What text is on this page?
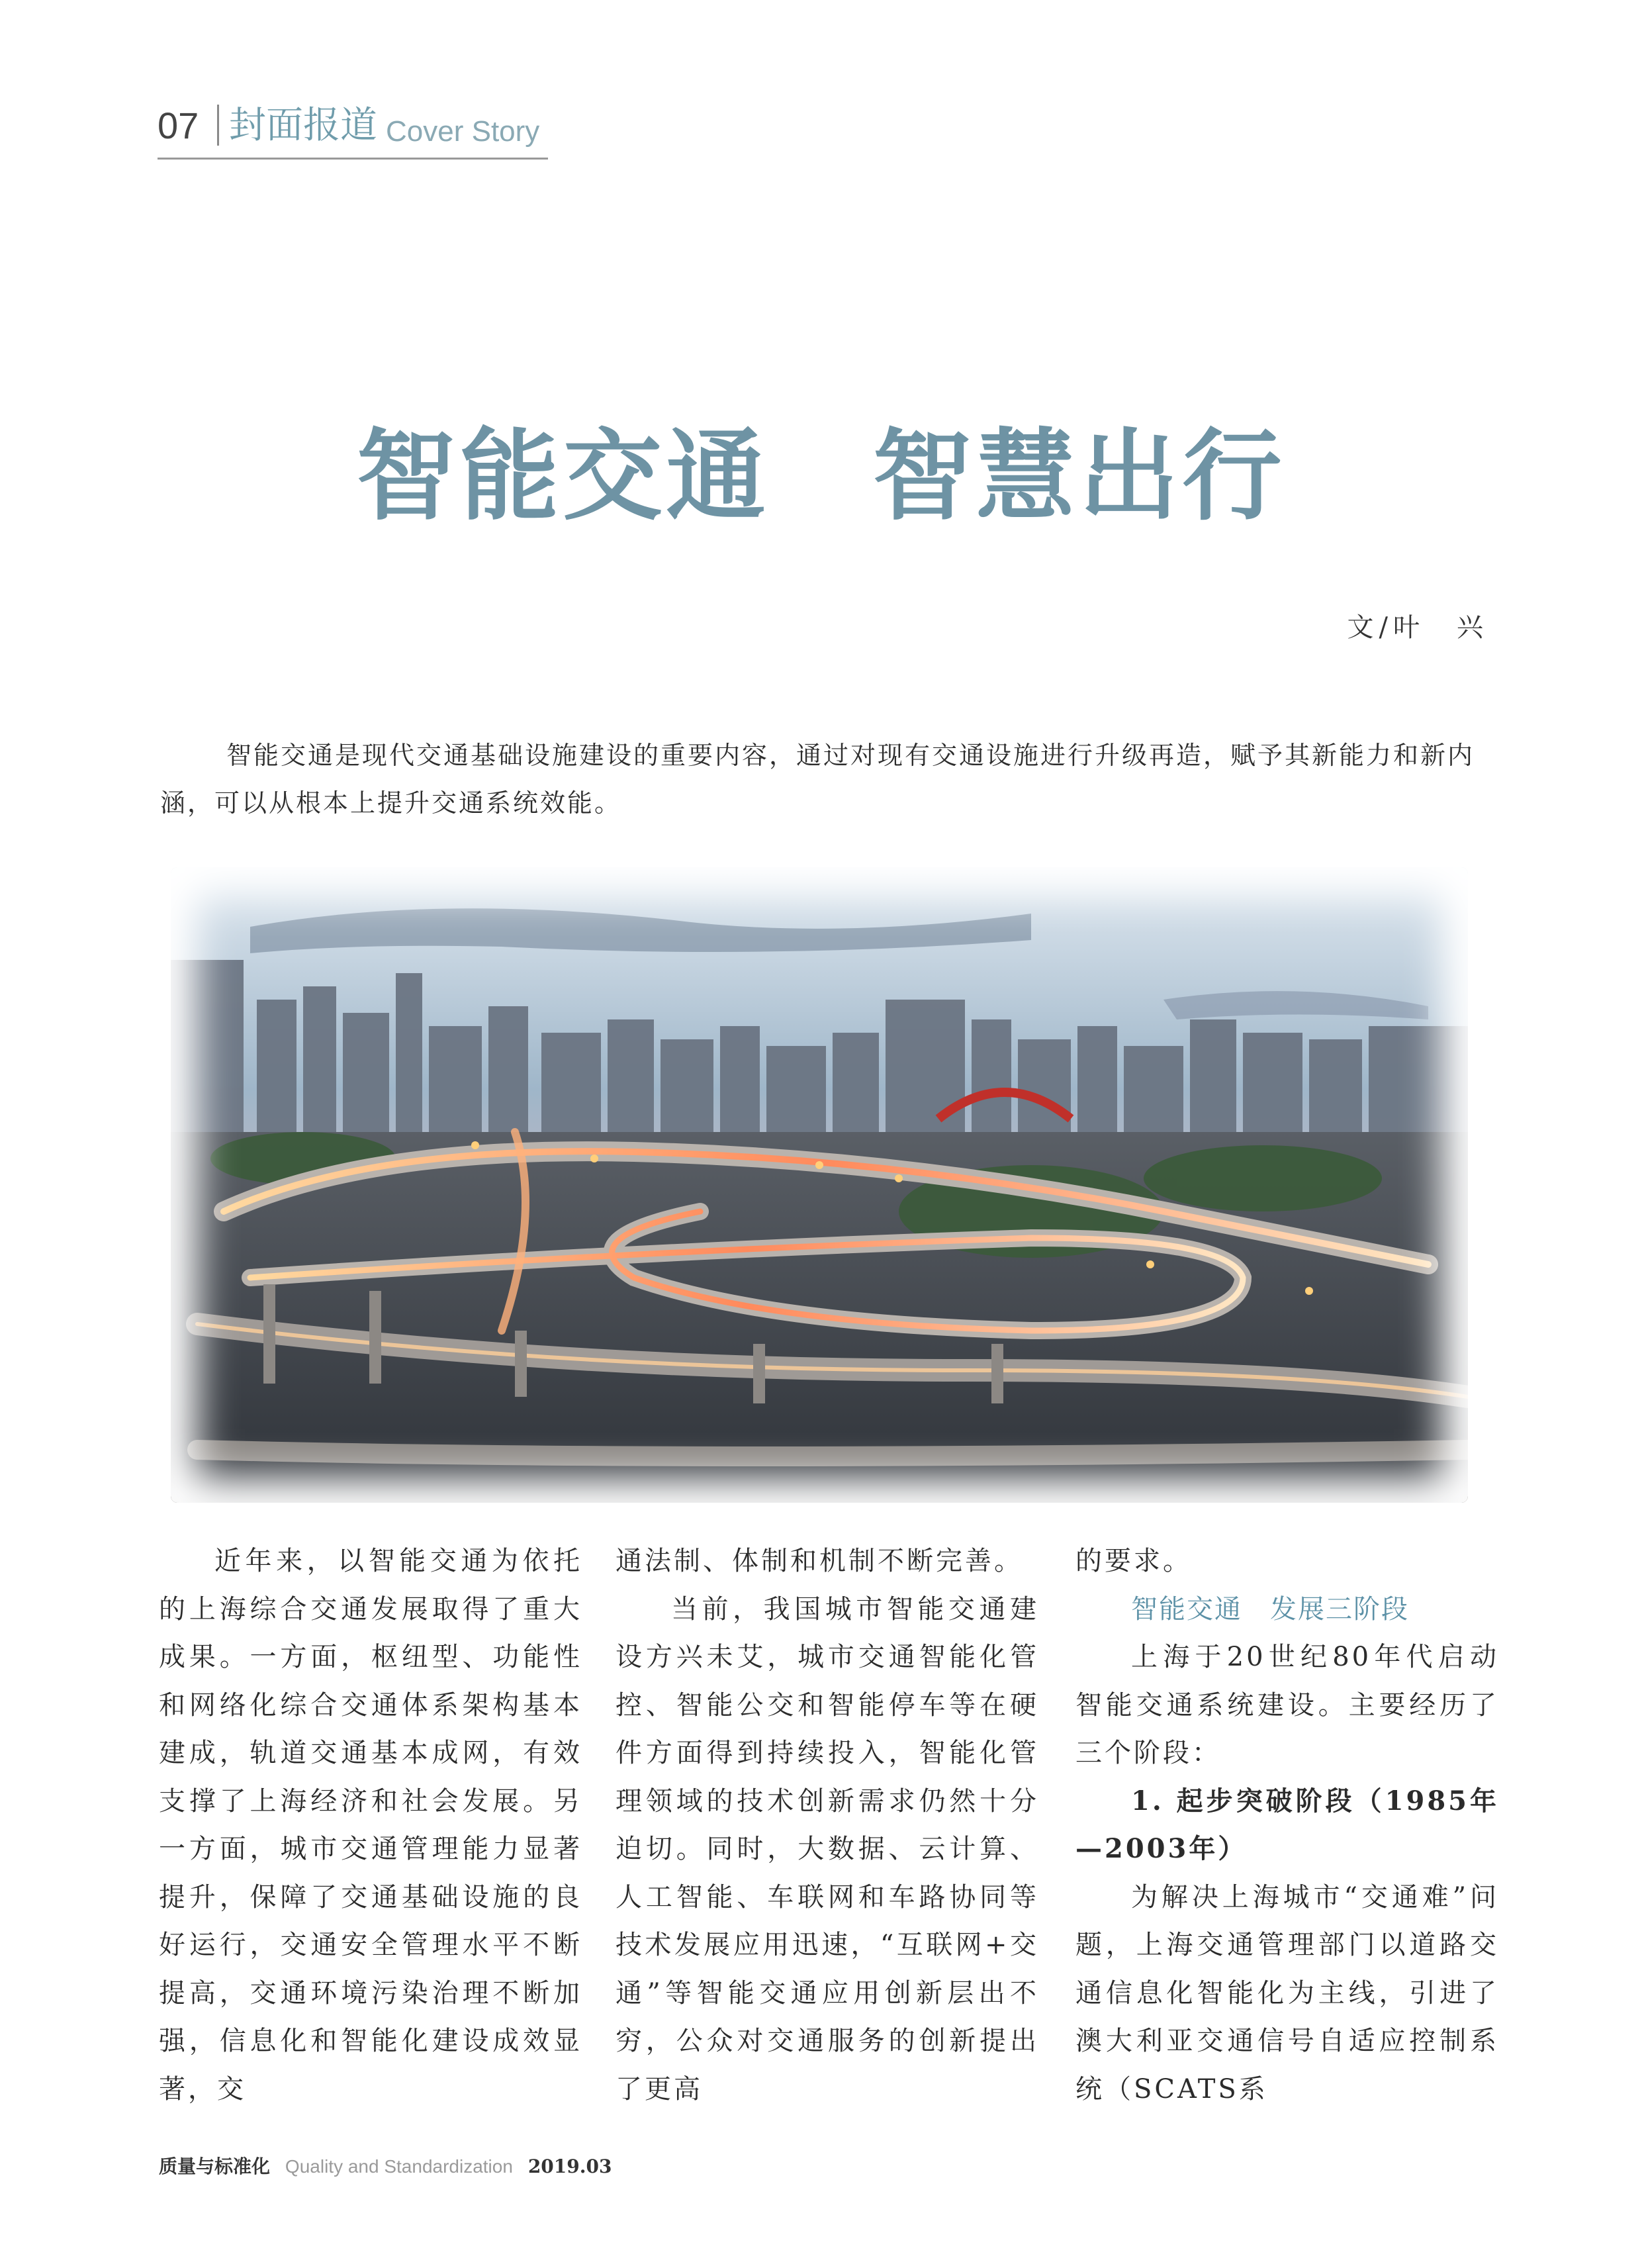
07 封面报道 Cover Story
智能交通　智慧出行
文/叶　兴

智能交通是现代交通基础设施建设的重要内容，通过对现有交通设施进行升级再造，赋予其新能力和新内涵，可以从根本上提升交通系统效能。

近年来，以智能交通为依托的上海综合交通发展取得了重大成果。一方面，枢纽型、功能性和网络化综合交通体系架构基本建成，轨道交通基本成网，有效支撑了上海经济和社会发展。另一方面，城市交通管理能力显著提升，保障了交通基础设施的良好运行，交通安全管理水平不断提高，交通环境污染治理不断加强，信息化和智能化建设成效显著，交

通法制、体制和机制不断完善。

当前，我国城市智能交通建设方兴未艾，城市交通智能化管控、智能公交和智能停车等在硬件方面得到持续投入，智能化管理领域的技术创新需求仍然十分迫切。同时，大数据、云计算、人工智能、车联网和车路协同等技术发展应用迅速，“互联网+交通”等智能交通应用创新层出不穷，公众对交通服务的创新提出了更高

的要求。

智能交通　发展三阶段

上海于20世纪80年代启动智能交通系统建设。主要经历了三个阶段：

1. 起步突破阶段（1985年—2003年）

为解决上海城市“交通难”问题，上海交通管理部门以道路交通信息化智能化为主线，引进了澳大利亚交通信号自适应控制系统（SCATS系

质量与标准化 Quality and Standardization 2019.03
